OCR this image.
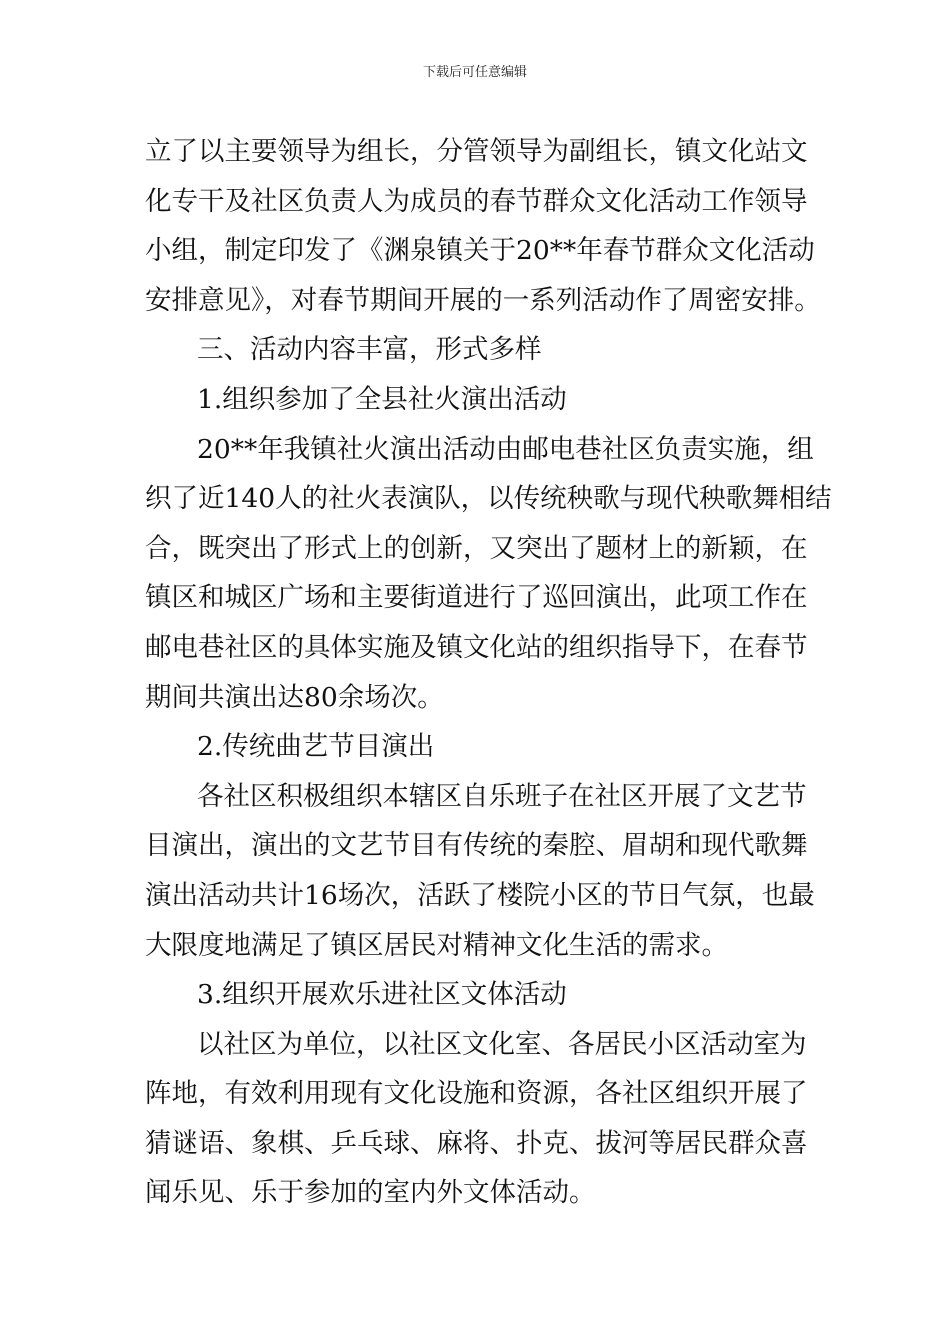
下载后可任意编辑
立了以主要领导为组长，分管领导为副组长，镇文化站文
化专干及社区负责人为成员的春节群众文化活动工作领导
小组，制定印发了《渊泉镇关于20**年春节群众文化活动
安排意见》，对春节期间开展的一系列活动作了周密安排。
三、活动内容丰富，形式多样
1.组织参加了全县社火演出活动
20**年我镇社火演出活动由邮电巷社区负责实施，组
织了近140人的社火表演队，以传统秧歌与现代秧歌舞相结
合，既突出了形式上的创新，又突出了题材上的新颖，在
镇区和城区广场和主要街道进行了巡回演出，此项工作在
邮电巷社区的具体实施及镇文化站的组织指导下，在春节
期间共演出达80余场次。
2.传统曲艺节目演出
各社区积极组织本辖区自乐班子在社区开展了文艺节
目演出，演出的文艺节目有传统的秦腔、眉胡和现代歌舞
演出活动共计16场次，活跃了楼院小区的节日气氛，也最
大限度地满足了镇区居民对精神文化生活的需求。
3.组织开展欢乐进社区文体活动
以社区为单位，以社区文化室、各居民小区活动室为
阵地，有效利用现有文化设施和资源，各社区组织开展了
猜谜语、象棋、乒乓球、麻将、扑克、拔河等居民群众喜
闻乐见、乐于参加的室内外文体活动。
